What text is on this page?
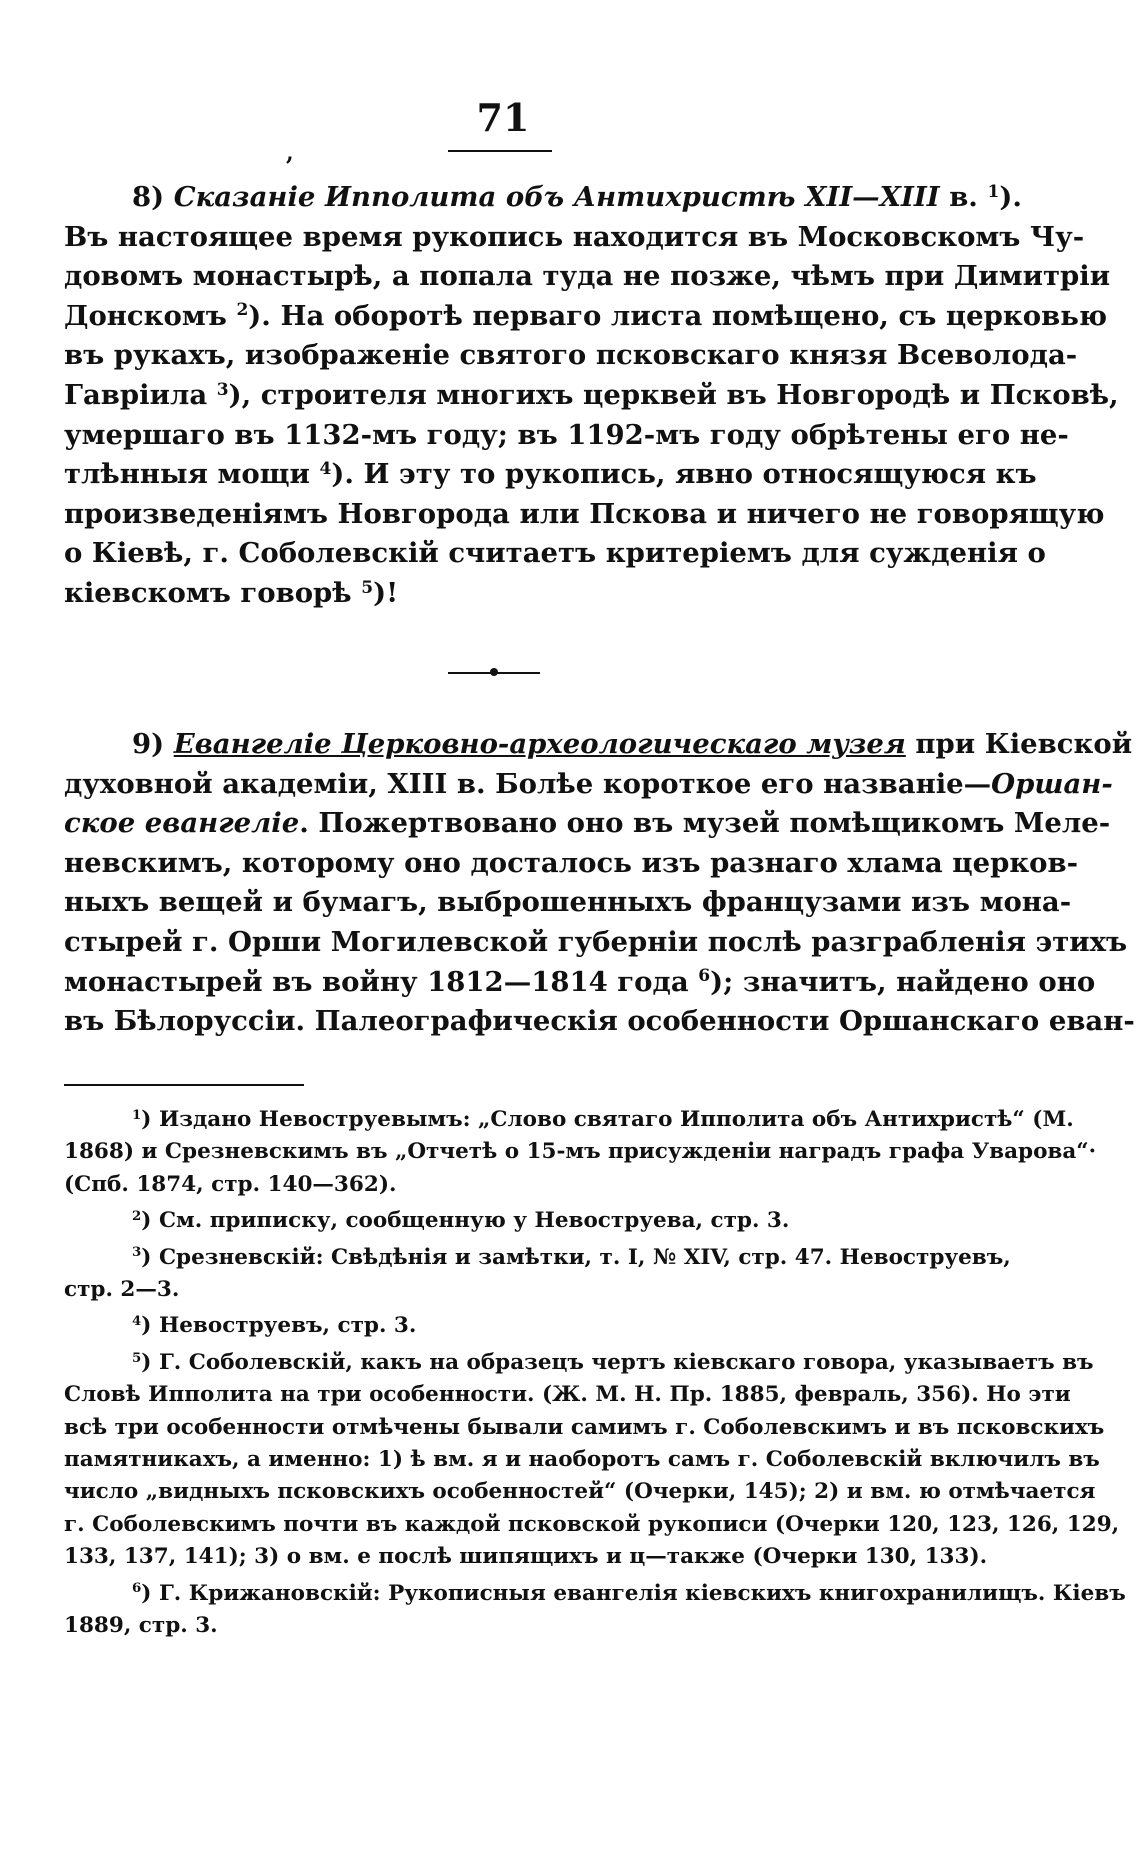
,
71
8) Сказаніе Ипполита объ Антихристѣ XII—XIII в. $^1$).
Въ настоящее время рукопись находится въ Московскомъ Чу-
довомъ монастырѣ, а попала туда не позже, чѣмъ при Димитріи
Донскомъ $^2$). На оборотѣ перваго листа помѣщено, съ церковью
въ рукахъ, изображеніе святого псковскаго князя Всеволода-
Гавріила $^3$), строителя многихъ церквей въ Новгородѣ и Псковѣ,
умершаго въ 1132-мъ году; въ 1192-мъ году обрѣтены его не-
тлѣнныя мощи $^4$). И эту то рукопись, явно относящуюся къ
произведеніямъ Новгорода или Пскова и ничего не говорящую
о Кіевѣ, г. Соболевскій считаетъ критеріемъ для сужденія о
кіевскомъ говорѣ $^5$)!
9) Евангеліе Церковно-археологическаго музея при Кіевской
духовной академіи, XIII в. Болѣе короткое его названіе—Оршан-
ское евангеліе. Пожертвовано оно въ музей помѣщикомъ Меле-
невскимъ, которому оно досталось изъ разнаго хлама церков-
ныхъ вещей и бумагъ, выброшенныхъ французами изъ мона-
стырей г. Орши Могилевской губерніи послѣ разграбленія этихъ
монастырей въ войну 1812—1814 года $^6$); значитъ, найдено оно
въ Бѣлоруссіи. Палеографическія особенности Оршанскаго еван-
$^1$) Издано Невоструевымъ: „Слово святаго Ипполита объ Антихристѣ“ (М.
1868) и Срезневскимъ въ „Отчетѣ о 15-мъ присужденіи наградъ графа Уварова“·
(Спб. 1874, стр. 140—362).
$^2$) См. приписку, сообщенную у Невоструева, стр. 3.
$^3$) Срезневскій: Свѣдѣнія и замѣтки, т. I, № XIV, стр. 47. Невоструевъ,
стр. 2—3.
$^4$) Невоструевъ, стр. 3.
$^5$) Г. Соболевскій, какъ на образецъ чертъ кіевскаго говора, указываетъ въ
Словѣ Ипполита на три особенности. (Ж. М. Н. Пр. 1885, февраль, 356). Но эти
всѣ три особенности отмѣчены бывали самимъ г. Соболевскимъ и въ псковскихъ
памятникахъ, а именно: 1) ѣ вм. я и наоборотъ самъ г. Соболевскій включилъ въ
число „видныхъ псковскихъ особенностей“ (Очерки, 145); 2) и вм. ю отмѣчается
г. Соболевскимъ почти въ каждой псковской рукописи (Очерки 120, 123, 126, 129,
133, 137, 141); 3) о вм. е послѣ шипящихъ и ц—также (Очерки 130, 133).
$^6$) Г. Крижановскій: Рукописныя евангелія кіевскихъ книгохранилищъ. Кіевъ
1889, стр. 3.
